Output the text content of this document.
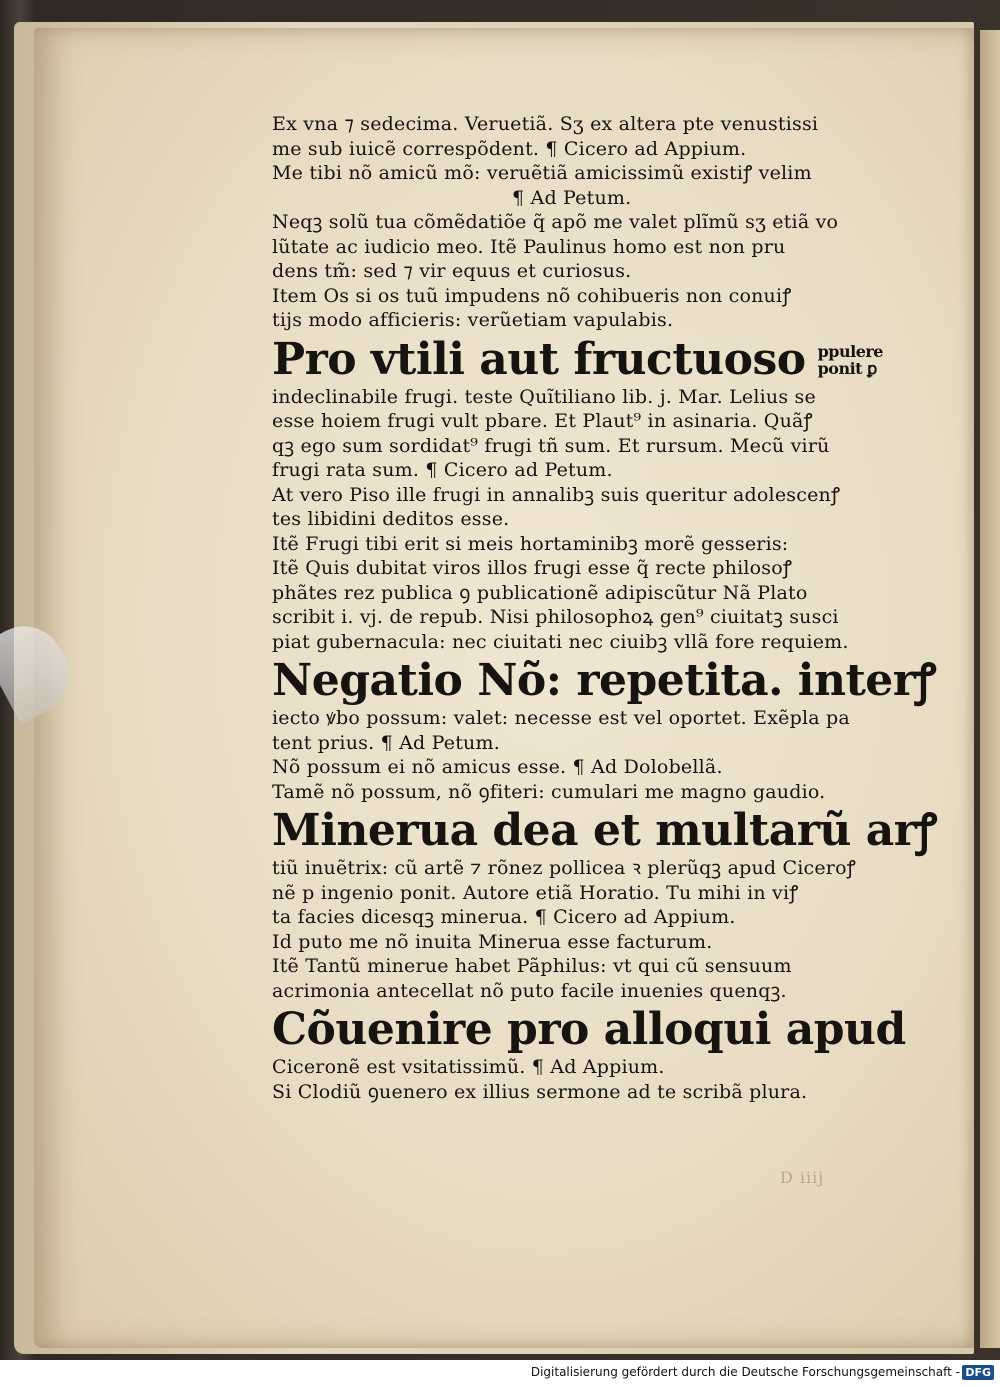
Ex vna ⁊ sedecima. Veruetiã. Sʒ ex altera pte venustissi
me sub iuicẽ correspõdent. ¶ Cicero ad Appium.
Me tibi nõ amicũ mõ: veruẽtiã amicissimũ existiꝭ velim
¶ Ad Petum.
Neqꝫ solũ tua cõmẽdatiõe q̃ apõ me valet plĩmũ sʒ etiã vo
lũtate ac iudicio meo. Itẽ Paulinus homo est non pru
dens tm̃: sed ⁊ vir equus et curiosus.
Item Os si os tuũ impudens nõ cohibueris non conuiꝭ
tijs modo afficieris: verũetiam vapulabis.
Pro vtili aut fructuoso ppulere
ponit ꝑ
indeclinabile frugi. teste Quĩtiliano lib. j. Mar. Lelius se
esse hoiem frugi vult pbare. Et Plaut⁹ in asinaria. Quãꝭ
qꝫ ego sum sordidat⁹ frugi tñ sum. Et rursum. Mecũ virũ
frugi rata sum. ¶ Cicero ad Petum.
At vero Piso ille frugi in annalibꝫ suis queritur adolescenꝭ
tes libidini deditos esse.
Itẽ Frugi tibi erit si meis hortaminibꝫ morẽ gesseris:
Itẽ Quis dubitat viros illos frugi esse q̃ recte philosoꝭ
phãtes rez publica ꝯ publicationẽ adipiscũtur Nã Plato
scribit i. vj. de repub. Nisi philosophoꝝ gen⁹ ciuitatꝫ susci
piat gubernacula: nec ciuitati nec ciuibꝫ vllã fore requiem.
Negatio Nõ: repetita. interꝭ
iecto ꝟbo possum: valet: necesse est vel oportet. Exẽpla pa
tent prius. ¶ Ad Petum.
Nõ possum ei nõ amicus esse. ¶ Ad Dolobellã.
Tamẽ nõ possum, nõ ꝯfiteri: cumulari me magno gaudio.
Minerua dea et multarũ arꝭ
tiũ inuẽtrix: cũ artẽ ⁊ rõnez pollicea ꝛ plerũqꝫ apud Ciceroꝭ
nẽ p ingenio ponit. Autore etiã Horatio. Tu mihi in viꝭ
ta facies dicesqꝫ minerua. ¶ Cicero ad Appium.
Id puto me nõ inuita Minerua esse facturum.
Itẽ Tantũ minerue habet Pãphilus: vt qui cũ sensuum
acrimonia antecellat nõ puto facile inuenies quenqꝫ.
Cõuenire pro alloqui apud
Ciceronẽ est vsitatissimũ. ¶ Ad Appium.
Si Clodiũ ꝯuenero ex illius sermone ad te scribã plura.
D iiij
Digitalisierung gefördert durch die Deutsche Forschungsgemeinschaft - DFG
